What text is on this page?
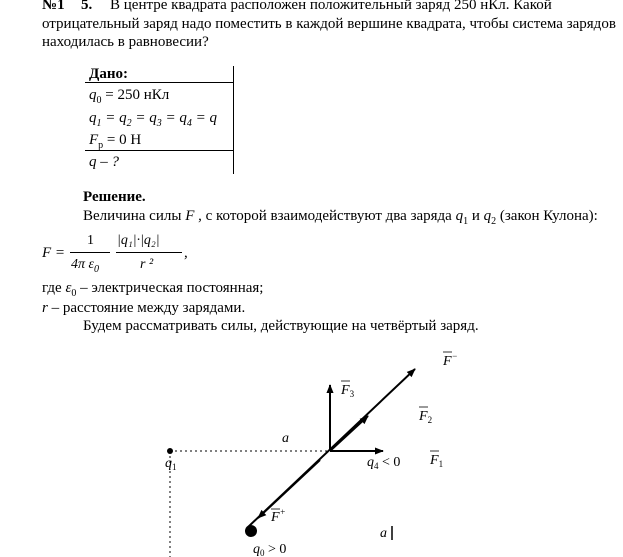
№1 5. В центре квадрата расположен положительный заряд 250 нКл. Какой
отрицательный заряд надо поместить в каждой вершине квадрата, чтобы система зарядов
находилась в равновесии?
Дано:
$q_0 = 250$ нКл
$q_1 = q_2 = q_3 = q_4 = q$
$F_р = 0$ Н
q – ?
Решение.
Величина силы F , с которой взаимодействуют два заряда $q_1$ и $q_2$ (закон Кулона):
F =
1
4π $\varepsilon_0$
|q₁|·|q₂|
r ²
,
где $\varepsilon_0$ – электрическая постоянная;
r – расстояние между зарядами.
Будем рассматривать силы, действующие на четвёртый заряд.
F−
$F_3$
$F_2$
$F_1$
a
$q_1$	$q_4 < 0$
F+
a
$q_0 > 0$
